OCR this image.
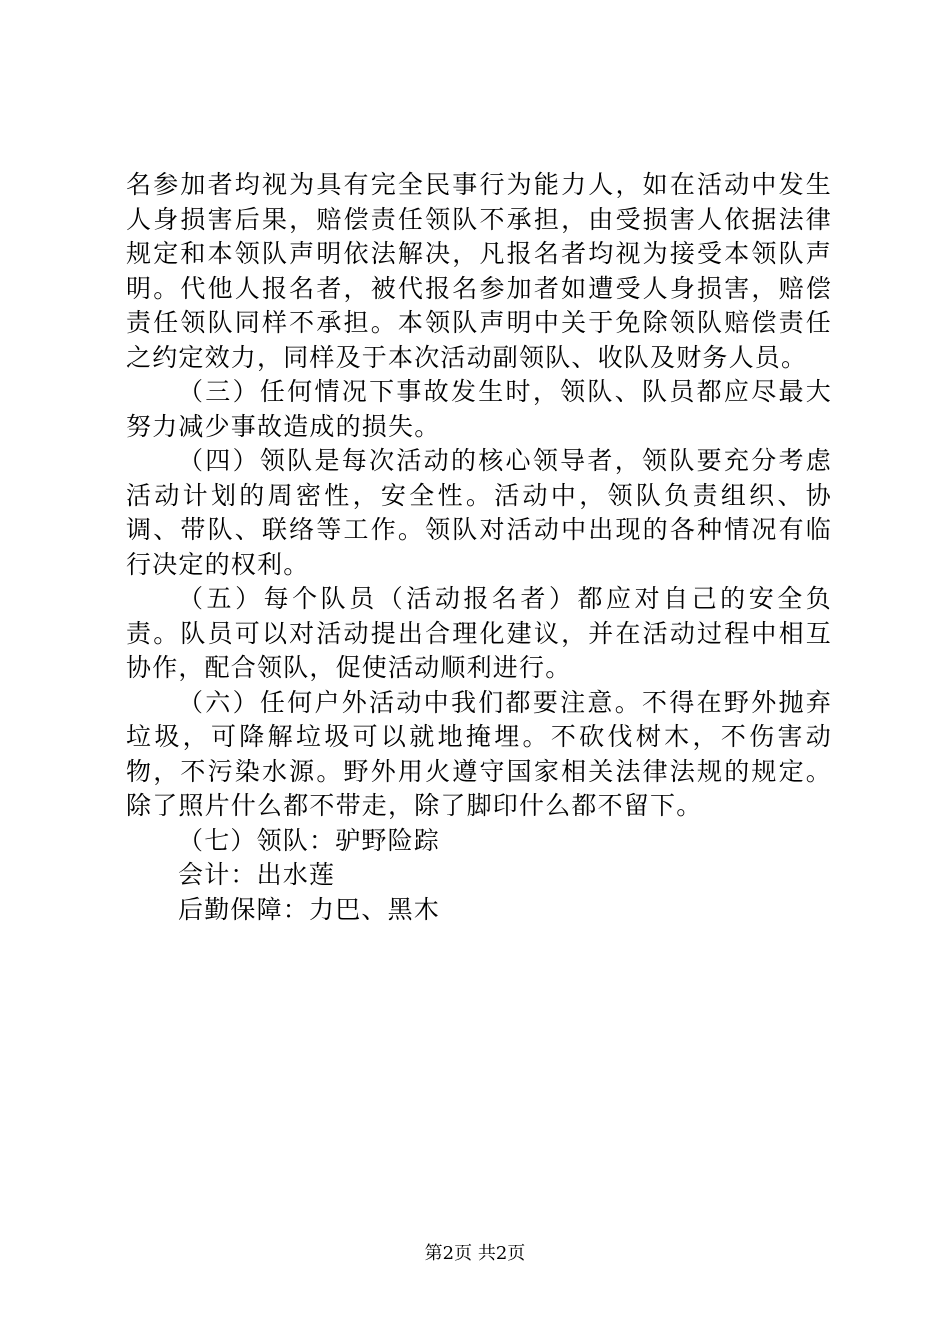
名参加者均视为具有完全民事行为能力人，如在活动中发生人身损害后果，赔偿责任领队不承担，由受损害人依据法律规定和本领队声明依法解决，凡报名者均视为接受本领队声明。代他人报名者，被代报名参加者如遭受人身损害，赔偿责任领队同样不承担。本领队声明中关于免除领队赔偿责任之约定效力，同样及于本次活动副领队、收队及财务人员。

（三）任何情况下事故发生时，领队、队员都应尽最大努力减少事故造成的损失。

（四）领队是每次活动的核心领导者，领队要充分考虑活动计划的周密性，安全性。活动中，领队负责组织、协调、带队、联络等工作。领队对活动中出现的各种情况有临行决定的权利。

（五）每个队员（活动报名者）都应对自己的安全负责。队员可以对活动提出合理化建议，并在活动过程中相互协作，配合领队，促使活动顺利进行。

（六）任何户外活动中我们都要注意。不得在野外抛弃垃圾，可降解垃圾可以就地掩埋。不砍伐树木，不伤害动物，不污染水源。野外用火遵守国家相关法律法规的规定。除了照片什么都不带走，除了脚印什么都不留下。

（七）领队：驴野险踪

会计：出水莲

后勤保障：力巴、黑木

第2页 共2页
